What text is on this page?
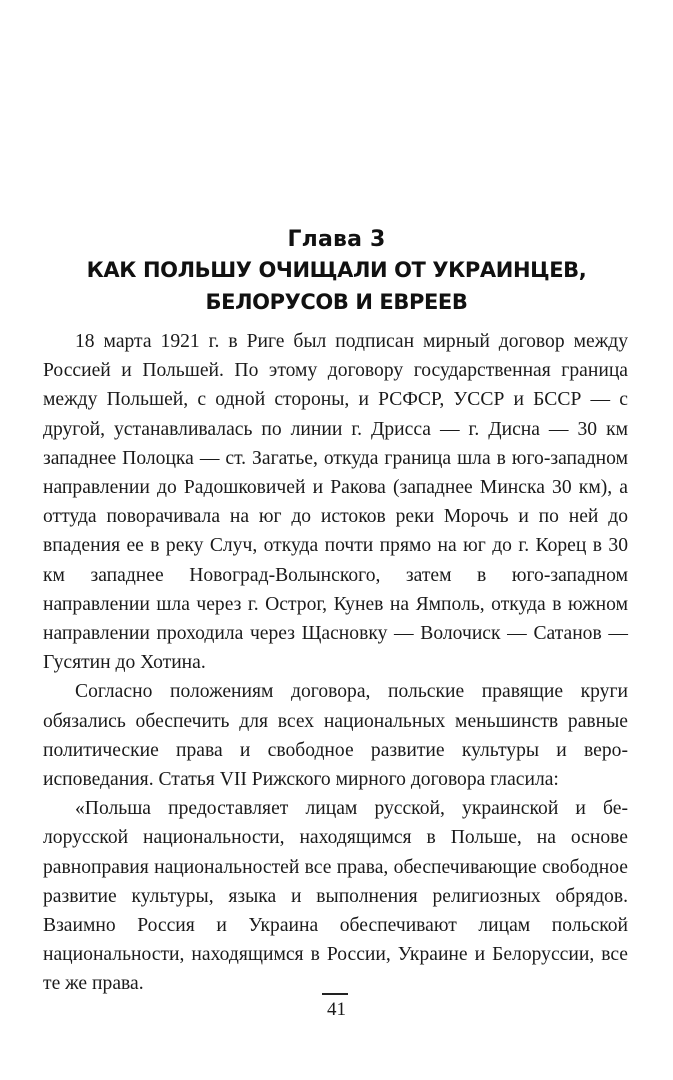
Глава 3
КАК ПОЛЬШУ ОЧИЩАЛИ ОТ УКРАИНЦЕВ,
БЕЛОРУСОВ И ЕВРЕЕВ

18 марта 1921 г. в Риге был подписан мирный договор между Россией и Польшей. По этому договору государственная граница между Польшей, с одной стороны, и РСФСР, УССР и БССР — с другой, устанавливалась по линии г. Дрисса — г. Дисна — 30 км западнее Полоцка — ст. Загатье, откуда граница шла в юго-западном направлении до Радошковичей и Ракова (западнее Минска 30 км), а оттуда поворачивала на юг до истоков реки Морочь и по ней до впадения ее в реку Случ, откуда почти прямо на юг до г. Корец в 30 км западнее Новоград-Волынского, затем в юго-западном направлении шла через г. Острог, Кунев на Ямполь, откуда в южном направлении проходила через Щасновку — Волочиск — Сатанов — Гусятин до Хотина.

Согласно положениям договора, польские правящие круги обязались обеспечить для всех национальных меньшинств равные политические права и свободное развитие культуры и вероисповедания. Статья VII Рижского мирного договора гласила:

«Польша предоставляет лицам русской, украинской и белорусской национальности, находящимся в Польше, на основе равноправия национальностей все права, обеспечивающие свободное развитие культуры, языка и выполнения религиозных обрядов. Взаимно Россия и Украина обеспечивают лицам польской национальности, находящимся в России, Украине и Белоруссии, все те же права.

41
